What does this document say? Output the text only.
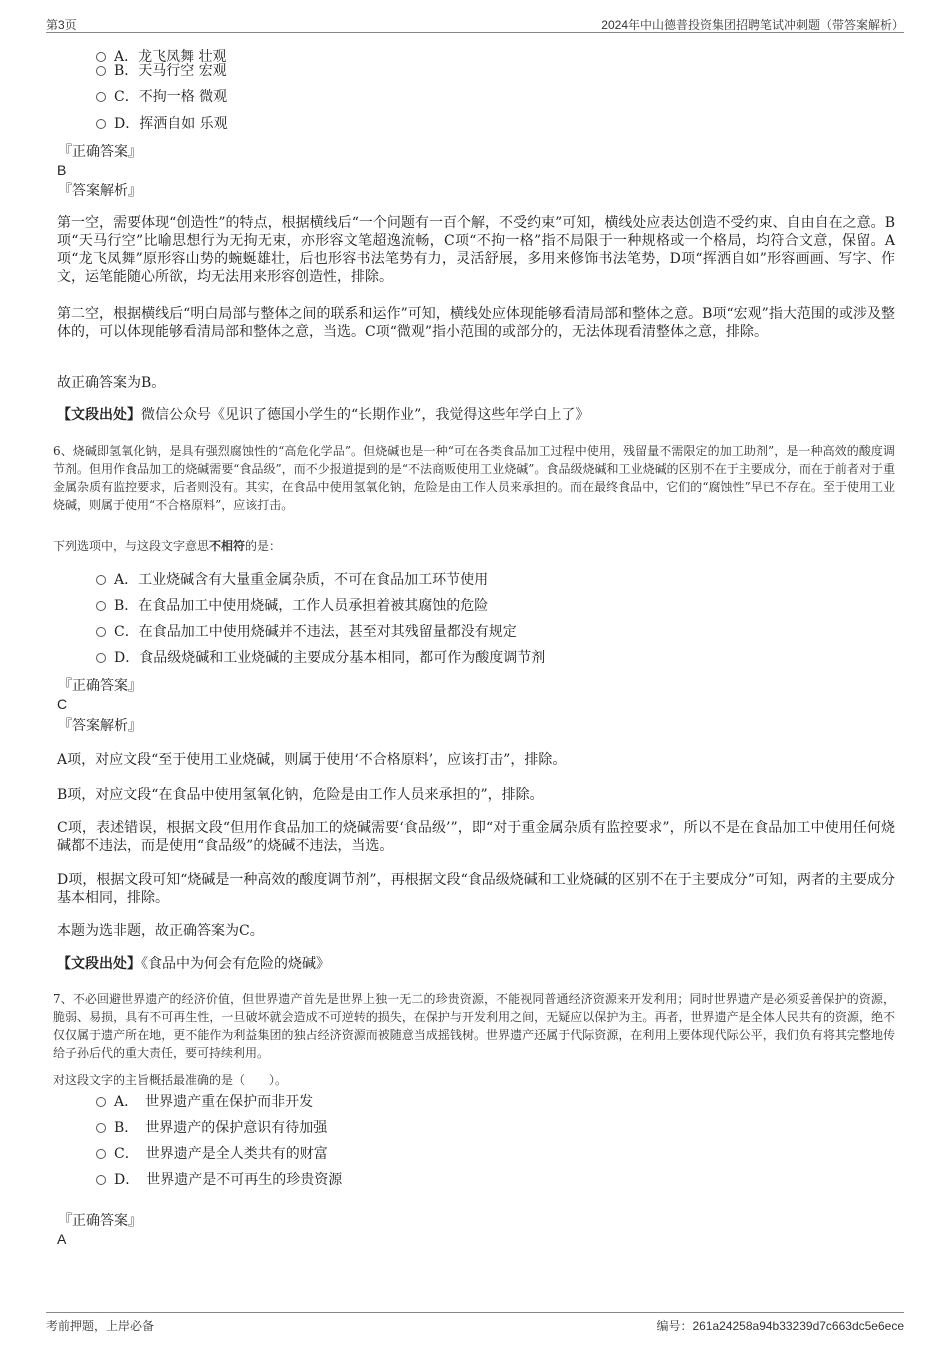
第3页	2024年中山德普投资集团招聘笔试冲刺题（带答案解析）
A．龙飞凤舞 壮观
B．天马行空 宏观
C．不拘一格 微观
D．挥洒自如 乐观
『正确答案』
B
『答案解析』
第一空，需要体现“创造性”的特点，根据横线后“一个问题有一百个解，不受约束”可知，横线处应表达创造不受约束、自由自在之意。B项“天马行空”比喻思想行为无拘无束，亦形容文笔超逸流畅，C项“不拘一格”指不局限于一种规格或一个格局，均符合文意，保留。A项“龙飞凤舞”原形容山势的蜿蜒雄壮，后也形容书法笔势有力，灵活舒展，多用来修饰书法笔势，D项“挥洒自如”形容画画、写字、作文，运笔能随心所欲，均无法用来形容创造性，排除。
第二空，根据横线后“明白局部与整体之间的联系和运作”可知，横线处应体现能够看清局部和整体之意。B项“宏观”指大范围的或涉及整体的，可以体现能够看清局部和整体之意，当选。C项“微观”指小范围的或部分的，无法体现看清整体之意，排除。
故正确答案为B。
【文段出处】微信公众号《见识了德国小学生的“长期作业”，我觉得这些年学白上了》
6、烧碱即氢氧化钠，是具有强烈腐蚀性的“高危化学品”。但烧碱也是一种“可在各类食品加工过程中使用，残留量不需限定的加工助剂”，是一种高效的酸度调节剂。但用作食品加工的烧碱需要“食品级”，而不少报道提到的是“不法商贩使用工业烧碱”。食品级烧碱和工业烧碱的区别不在于主要成分，而在于前者对于重金属杂质有监控要求，后者则没有。其实，在食品中使用氢氧化钠，危险是由工作人员来承担的。而在最终食品中，它们的“腐蚀性”早已不存在。至于使用工业烧碱，则属于使用“不合格原料”，应该打击。
下列选项中，与这段文字意思不相符的是：
A．工业烧碱含有大量重金属杂质，不可在食品加工环节使用
B．在食品加工中使用烧碱，工作人员承担着被其腐蚀的危险
C．在食品加工中使用烧碱并不违法，甚至对其残留量都没有规定
D．食品级烧碱和工业烧碱的主要成分基本相同，都可作为酸度调节剂
『正确答案』
C
『答案解析』
A项，对应文段“至于使用工业烧碱，则属于使用‘不合格原料’，应该打击”，排除。
B项，对应文段“在食品中使用氢氧化钠，危险是由工作人员来承担的”，排除。
C项，表述错误，根据文段“但用作食品加工的烧碱需要‘食品级’”，即“对于重金属杂质有监控要求”，所以不是在食品加工中使用任何烧碱都不违法，而是使用“食品级”的烧碱不违法，当选。
D项，根据文段可知“烧碱是一种高效的酸度调节剂”，再根据文段“食品级烧碱和工业烧碱的区别不在于主要成分”可知，两者的主要成分基本相同，排除。
本题为选非题，故正确答案为C。
【文段出处】《食品中为何会有危险的烧碱》
7、不必回避世界遗产的经济价值，但世界遗产首先是世界上独一无二的珍贵资源，不能视同普通经济资源来开发利用；同时世界遗产是必须妥善保护的资源，脆弱、易损，具有不可再生性，一旦破坏就会造成不可逆转的损失，在保护与开发利用之间，无疑应以保护为主。再者，世界遗产是全体人民共有的资源，绝不仅仅属于遗产所在地，更不能作为利益集团的独占经济资源而被随意当成摇钱树。世界遗产还属于代际资源，在利用上要体现代际公平，我们负有将其完整地传给子孙后代的重大责任，要可持续利用。
对这段文字的主旨概括最准确的是（　　）。
A．　世界遗产重在保护而非开发
B．　世界遗产的保护意识有待加强
C．　世界遗产是全人类共有的财富
D．　世界遗产是不可再生的珍贵资源
『正确答案』
A
考前押题，上岸必备	编号：261a24258a94b33239d7c663dc5e6ece
